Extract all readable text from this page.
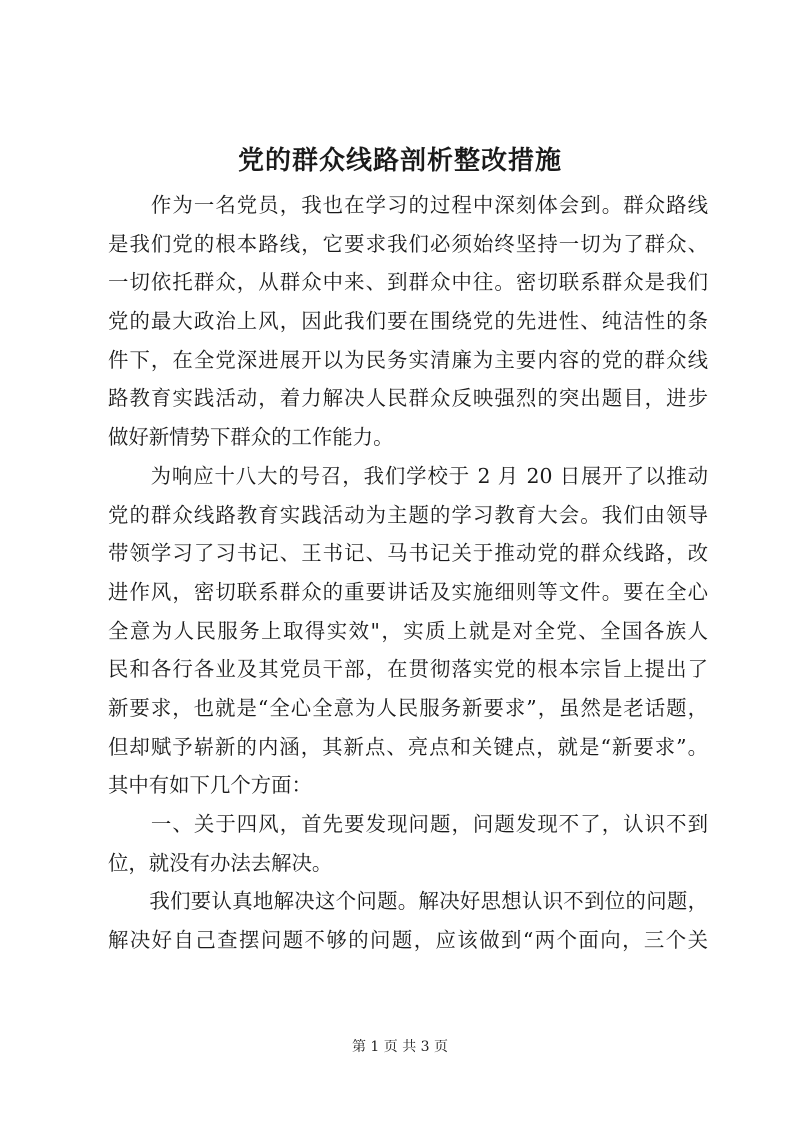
党的群众线路剖析整改措施
　　作为一名党员，我也在学习的过程中深刻体会到。群众路线
是我们党的根本路线，它要求我们必须始终坚持一切为了群众、
一切依托群众，从群众中来、到群众中往。密切联系群众是我们
党的最大政治上风，因此我们要在围绕党的先进性、纯洁性的条
件下，在全党深进展开以为民务实清廉为主要内容的党的群众线
路教育实践活动，着力解决人民群众反映强烈的突出题目，进步
做好新情势下群众的工作能力。
　　为响应十八大的号召，我们学校于 2 月 20 日展开了以推动
党的群众线路教育实践活动为主题的学习教育大会。我们由领导
带领学习了习书记、王书记、马书记关于推动党的群众线路，改
进作风，密切联系群众的重要讲话及实施细则等文件。要在全心
全意为人民服务上取得实效"，实质上就是对全党、全国各族人
民和各行各业及其党员干部，在贯彻落实党的根本宗旨上提出了
新要求，也就是“全心全意为人民服务新要求”，虽然是老话题，
但却赋予崭新的内涵，其新点、亮点和关键点，就是“新要求”。
其中有如下几个方面：
　　一、关于四风，首先要发现问题，问题发现不了，认识不到
位，就没有办法去解决。
　　我们要认真地解决这个问题。解决好思想认识不到位的问题，
解决好自己查摆问题不够的问题，应该做到“两个面向，三个关
第 1 页 共 3 页
